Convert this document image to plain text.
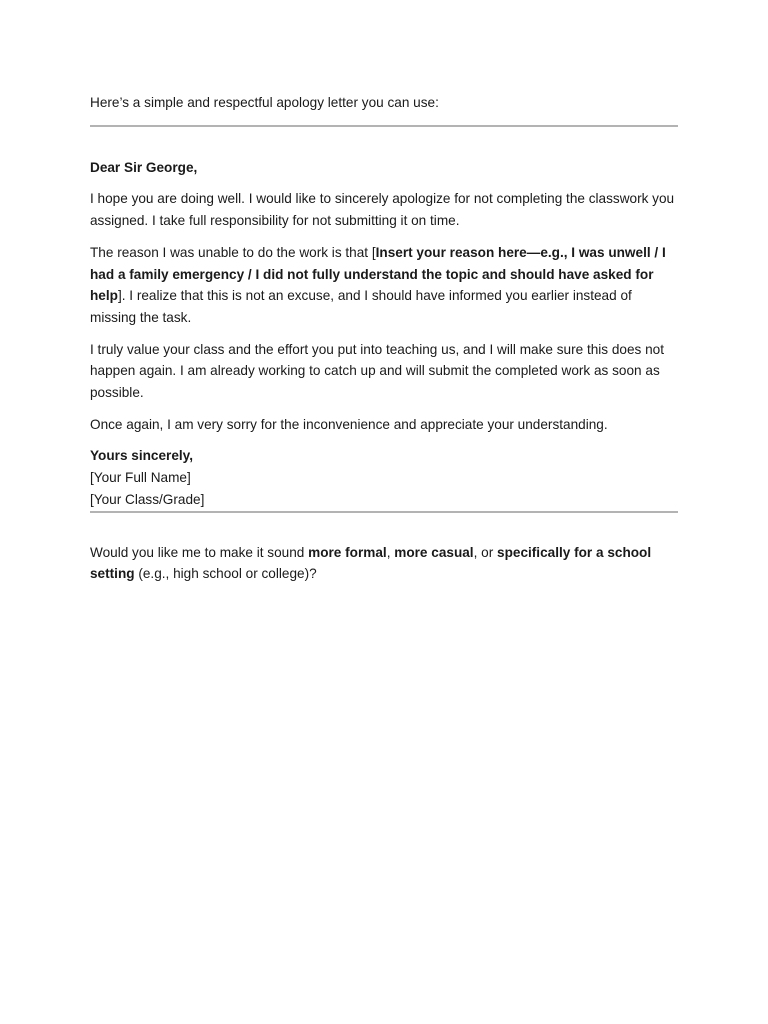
Here’s a simple and respectful apology letter you can use:

Dear Sir George,

I hope you are doing well. I would like to sincerely apologize for not completing the classwork you assigned. I take full responsibility for not submitting it on time.

The reason I was unable to do the work is that [Insert your reason here—e.g., I was unwell / I had a family emergency / I did not fully understand the topic and should have asked for help]. I realize that this is not an excuse, and I should have informed you earlier instead of missing the task.

I truly value your class and the effort you put into teaching us, and I will make sure this does not happen again. I am already working to catch up and will submit the completed work as soon as possible.

Once again, I am very sorry for the inconvenience and appreciate your understanding.

Yours sincerely,

[Your Full Name]

[Your Class/Grade]

Would you like me to make it sound more formal, more casual, or specifically for a school setting (e.g., high school or college)?
